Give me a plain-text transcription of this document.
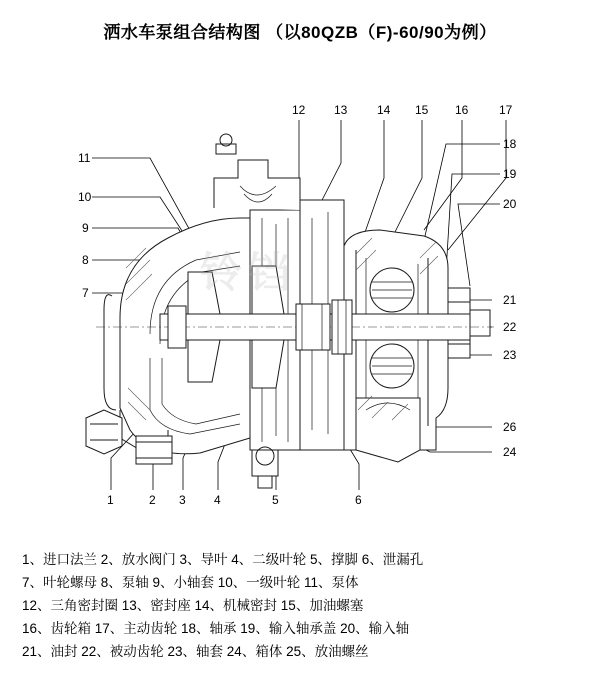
洒水车泵组合结构图 （以80QZB（F)-60/90为例）
11
10
9
8
7
12 13 14 15 16	17
18
19
20
21
22
23
26
24
1	2 3 4	5	6
铃铛
1、进口法兰 2、放水阀门 3、导叶 4、二级叶轮 5、撑脚 6、泄漏孔
7、叶轮螺母 8、泵轴 9、小轴套 10、一级叶轮 11、泵体
12、三角密封圈 13、密封座 14、机械密封 15、加油螺塞
16、齿轮箱 17、主动齿轮 18、轴承 19、输入轴承盖 20、输入轴
21、油封 22、被动齿轮 23、轴套 24、箱体 25、放油螺丝
